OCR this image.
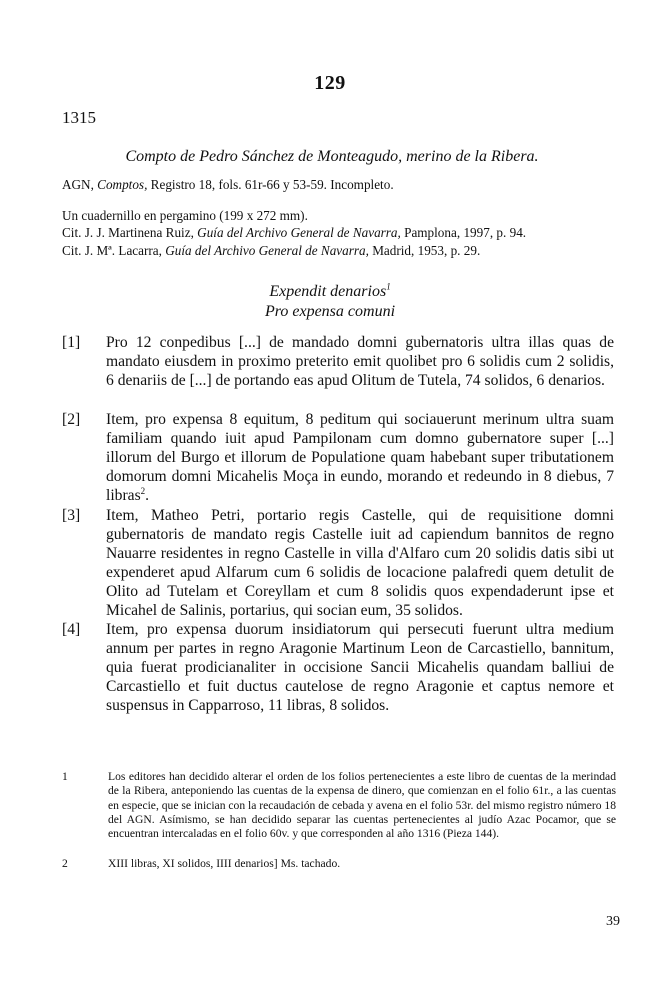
129
1315
Compto de Pedro Sánchez de Monteagudo, merino de la Ribera.
AGN, Comptos, Registro 18, fols. 61r-66 y 53-59. Incompleto.
Un cuadernillo en pergamino (199 x 272 mm).
Cit. J. J. Martinena Ruiz, Guía del Archivo General de Navarra, Pamplona, 1997, p. 94.
Cit. J. Mª. Lacarra, Guía del Archivo General de Navarra, Madrid, 1953, p. 29.
Expendit denarios$^1$
Pro expensa comuni
[1] Pro 12 conpedibus [...] de mandado domni gubernatoris ultra illas quas de mandato eiusdem in proximo preterito emit quolibet pro 6 solidis cum 2 solidis, 6 denariis de [...] de portando eas apud Olitum de Tutela, 74 solidos, 6 denarios.
[2] Item, pro expensa 8 equitum, 8 peditum qui sociauerunt merinum ultra suam familiam quando iuit apud Pampilonam cum domno gubernatore super [...] illorum del Burgo et illorum de Populatione quam habebant super tributationem domorum domni Micahelis Moça in eundo, morando et redeundo in 8 diebus, 7 libras$^2$.
[3] Item, Matheo Petri, portario regis Castelle, qui de requisitione domni gubernatoris de mandato regis Castelle iuit ad capiendum bannitos de regno Nauarre residentes in regno Castelle in villa d'Alfaro cum 20 solidis datis sibi ut expenderet apud Alfarum cum 6 solidis de locacione palafredi quem detulit de Olito ad Tutelam et Coreyllam et cum 8 solidis quos expendaderunt ipse et Micahel de Salinis, portarius, qui socian eum, 35 solidos.
[4] Item, pro expensa duorum insidiatorum qui persecuti fuerunt ultra medium annum per partes in regno Aragonie Martinum Leon de Carcastiello, bannitum, quia fuerat prodicianaliter in occisione Sancii Micahelis quandam balliui de Carcastiello et fuit ductus cautelose de regno Aragonie et captus nemore et suspensus in Capparroso, 11 libras, 8 solidos.
1	Los editores han decidido alterar el orden de los folios pertenecientes a este libro de cuentas de la merindad de la Ribera, anteponiendo las cuentas de la expensa de dinero, que comienzan en el folio 61r., a las cuentas en especie, que se inician con la recaudación de cebada y avena en el folio 53r. del mismo registro número 18 del AGN. Asímismo, se han decidido separar las cuentas pertenecientes al judío Azac Pocamor, que se encuentran intercaladas en el folio 60v. y que corresponden al año 1316 (Pieza 144).
2	XIII libras, XI solidos, IIII denarios] Ms. tachado.
39
